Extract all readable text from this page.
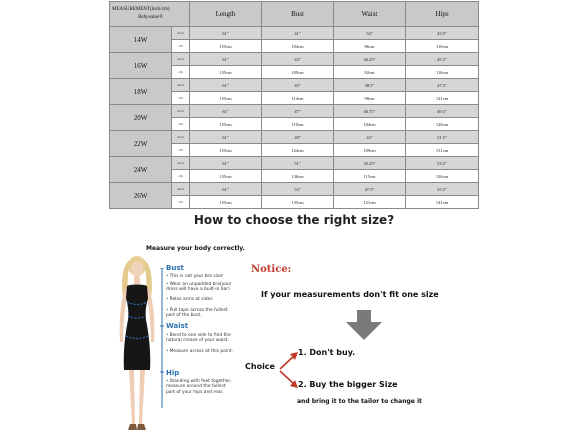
MEASUREMENT(inch/cm)
Babyvalue®		Length	Bust	Waist	Hips
14W	inch	61"	41"	34"	43.5"
	cm	155cm	104cm	86cm	110cm
16W	inch	61"	43"	36.25"	45.5"
	cm	155cm	109cm	92cm	116cm
18W	inch	61"	45"	38.5"	47.5"
	cm	155cm	114cm	98cm	121cm
20W	inch	61"	47"	40.75"	49.5"
	cm	155cm	119cm	104cm	126cm
22W	inch	61"	49"	43"	51.5"
	cm	155cm	124cm	109cm	131cm
24W	inch	61"	51"	45.25"	53.5"
	cm	155cm	130cm	115cm	136cm
26W	inch	61"	53"	47.5"	55.5"
	cm	155cm	135cm	121cm	141cm
How to choose the right size?
Measure your body correctly.
Bust
•This is not your bra size!
•Wear an unpadded bra(your dress will have a built-in bar)
•Relax arms at sides
•Pull tape across the fullest part of the bust.
Waist
•Bend to one side to find the natural crease of your waist.
•Measure across at this point.
Hip
•Standing with feet together, measure around the fullest part of your hips and rear.
Notice:
If your measurements don't fit one size
Choice
1. Don't buy.
2. Buy the bigger Size
and bring it to the tailor to change it
